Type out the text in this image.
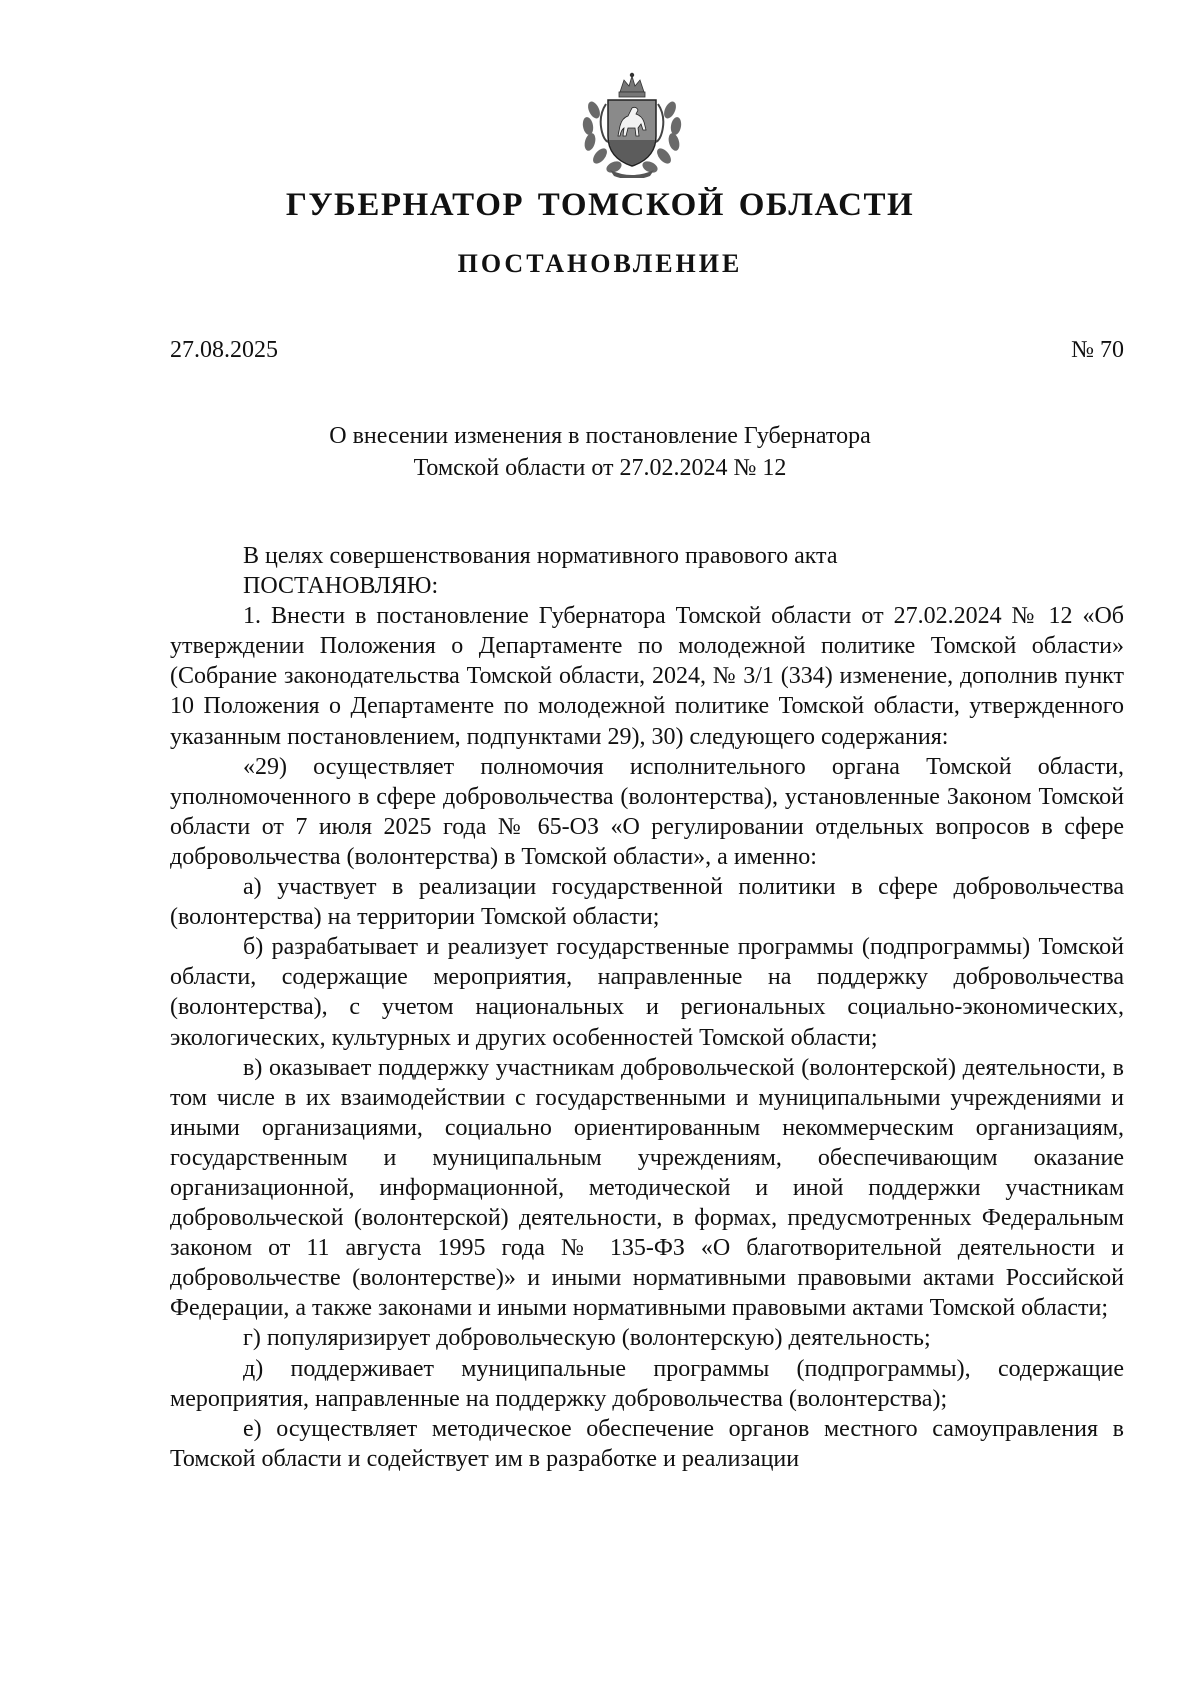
ГУБЕРНАТОР ТОМСКОЙ ОБЛАСТИ
ПОСТАНОВЛЕНИЕ
27.08.2025	№ 70
О внесении изменения в постановление Губернатора
Томской области от 27.02.2024 № 12

В целях совершенствования нормативного правового акта

ПОСТАНОВЛЯЮ:

1. Внести в постановление Губернатора Томской области от 27.02.2024 № 12 «Об утверждении Положения о Департаменте по молодежной политике Томской области» (Собрание законодательства Томской области, 2024, № 3/1 (334) изменение, дополнив пункт 10 Положения о Департаменте по молодежной политике Томской области, утвержденного указанным постановлением, подпунктами 29), 30) следующего содержания:

«29) осуществляет полномочия исполнительного органа Томской области, уполномоченного в сфере добровольчества (волонтерства), установленные Законом Томской области от 7 июля 2025 года № 65-ОЗ «О регулировании отдельных вопросов в сфере добровольчества (волонтерства) в Томской области», а именно:

а) участвует в реализации государственной политики в сфере добровольчества (волонтерства) на территории Томской области;

б) разрабатывает и реализует государственные программы (подпрограммы) Томской области, содержащие мероприятия, направленные на поддержку добровольчества (волонтерства), с учетом национальных и региональных социально-экономических, экологических, культурных и других особенностей Томской области;

в) оказывает поддержку участникам добровольческой (волонтерской) деятельности, в том числе в их взаимодействии с государственными и муниципальными учреждениями и иными организациями, социально ориентированным некоммерческим организациям, государственным и муниципальным учреждениям, обеспечивающим оказание организационной, информационной, методической и иной поддержки участникам добровольческой (волонтерской) деятельности, в формах, предусмотренных Федеральным законом от 11 августа 1995 года № 135-ФЗ «О благотворительной деятельности и добровольчестве (волонтерстве)» и иными нормативными правовыми актами Российской Федерации, а также законами и иными нормативными правовыми актами Томской области;

г) популяризирует добровольческую (волонтерскую) деятельность;

д) поддерживает муниципальные программы (подпрограммы), содержащие мероприятия, направленные на поддержку добровольчества (волонтерства);

е) осуществляет методическое обеспечение органов местного самоуправления в Томской области и содействует им в разработке и реализации
